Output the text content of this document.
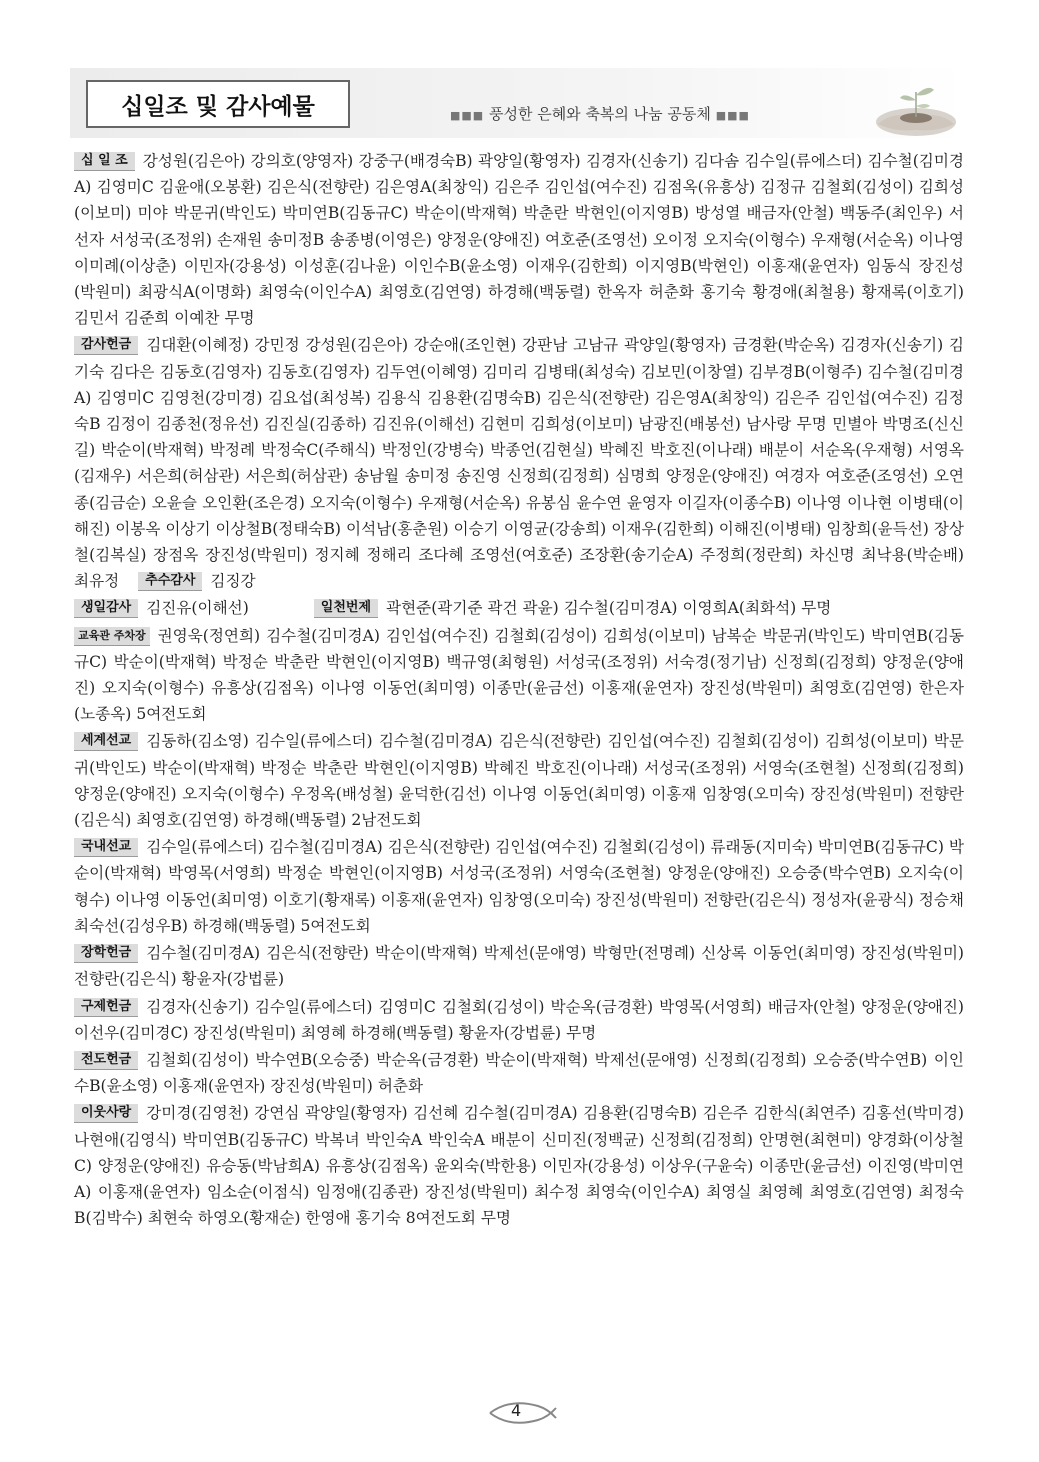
십일조 및 감사예물	■■■ 풍성한 은혜와 축복의 나눔 공동체 ■■■

십 일 조 강성원(김은아) 강의호(양영자) 강중구(배경숙B) 곽양일(황영자) 김경자(신송기) 김다솜 김수일(류에스더) 김수철(김미경A) 김영미C 김윤애(오봉환) 김은식(전향란) 김은영A(최창익) 김은주 김인섭(여수진) 김점옥(유흥상) 김정규 김철회(김성이) 김희성(이보미) 미야 박문귀(박인도) 박미연B(김동규C) 박순이(박재혁) 박춘란 박현인(이지영B) 방성열 배금자(안철) 백동주(최인우) 서선자 서성국(조정위) 손재원 송미정B 송종병(이영은) 양정운(양애진) 여호준(조영선) 오이정 오지숙(이형수) 우재형(서순옥) 이나영 이미례(이상춘) 이민자(강용성) 이성훈(김나윤) 이인수B(윤소영) 이재우(김한희) 이지영B(박현인) 이홍재(윤연자) 임동식 장진성(박원미) 최광식A(이명화) 최영숙(이인수A) 최영호(김연영) 하경해(백동렬) 한옥자 허춘화 홍기숙 황경애(최철용) 황재록(이호기) 김민서 김준희 이예찬 무명

감사헌금 김대환(이혜정) 강민정 강성원(김은아) 강순애(조인현) 강판남 고남규 곽양일(황영자) 금경환(박순옥) 김경자(신송기) 김기숙 김다은 김동호(김영자) 김동호(김영자) 김두연(이혜영) 김미리 김병태(최성숙) 김보민(이창열) 김부경B(이형주) 김수철(김미경A) 김영미C 김영천(강미경) 김요섭(최성복) 김용식 김용환(김명숙B) 김은식(전향란) 김은영A(최창익) 김은주 김인섭(여수진) 김정숙B 김정이 김종천(정유선) 김진실(김종하) 김진유(이해선) 김현미 김희성(이보미) 남광진(배봉선) 남사랑 무명 민별아 박명조(신신길) 박순이(박재혁) 박정례 박정숙C(주해식) 박정인(강병숙) 박종언(김현실) 박혜진 박호진(이나래) 배분이 서순옥(우재형) 서영옥(김재우) 서은희(허삼관) 서은희(허삼관) 송남월 송미정 송진영 신정희(김정희) 심명희 양정운(양애진) 여경자 여호준(조영선) 오연종(김금순) 오윤슬 오인환(조은경) 오지숙(이형수) 우재형(서순옥) 유봉심 윤수연 윤영자 이길자(이종수B) 이나영 이나현 이병태(이해진) 이봉옥 이상기 이상철B(정태숙B) 이석남(홍춘원) 이승기 이영균(강송희) 이재우(김한희) 이해진(이병태) 임창희(윤득선) 장상철(김복실) 장점옥 장진성(박원미) 정지혜 정해리 조다혜 조영선(여호준) 조장환(송기순A) 주정희(정란희) 차신명 최낙용(박순배) 최유정 추수감사 김징강

생일감사 김진유(이해선)	일천번제 곽현준(곽기준 곽건 곽윤) 김수철(김미경A) 이영희A(최화석) 무명

교육관 주차장 권영욱(정연희) 김수철(김미경A) 김인섭(여수진) 김철회(김성이) 김희성(이보미) 남복순 박문귀(박인도) 박미연B(김동규C) 박순이(박재혁) 박정순 박춘란 박현인(이지영B) 백규영(최형원) 서성국(조정위) 서숙경(정기남) 신정희(김정희) 양정운(양애진) 오지숙(이형수) 유흥상(김점옥) 이나영 이동언(최미영) 이종만(윤금선) 이홍재(윤연자) 장진성(박원미) 최영호(김연영) 한은자(노종옥) 5여전도회

세계선교 김동하(김소영) 김수일(류에스더) 김수철(김미경A) 김은식(전향란) 김인섭(여수진) 김철회(김성이) 김희성(이보미) 박문귀(박인도) 박순이(박재혁) 박정순 박춘란 박현인(이지영B) 박혜진 박호진(이나래) 서성국(조정위) 서영숙(조현철) 신정희(김정희) 양정운(양애진) 오지숙(이형수) 우정옥(배성철) 윤덕한(김선) 이나영 이동언(최미영) 이홍재 임창영(오미숙) 장진성(박원미) 전향란(김은식) 최영호(김연영) 하경해(백동렬) 2남전도회

국내선교 김수일(류에스더) 김수철(김미경A) 김은식(전향란) 김인섭(여수진) 김철회(김성이) 류래동(지미숙) 박미연B(김동규C) 박순이(박재혁) 박영목(서영희) 박정순 박현인(이지영B) 서성국(조정위) 서영숙(조현철) 양정운(양애진) 오승중(박수연B) 오지숙(이형수) 이나영 이동언(최미영) 이호기(황재록) 이홍재(윤연자) 임창영(오미숙) 장진성(박원미) 전향란(김은식) 정성자(윤광식) 정승채 최숙선(김성우B) 하경해(백동렬) 5여전도회

장학헌금 김수철(김미경A) 김은식(전향란) 박순이(박재혁) 박제선(문애영) 박형만(전명례) 신상록 이동언(최미영) 장진성(박원미) 전향란(김은식) 황윤자(강법륜)

구제헌금 김경자(신송기) 김수일(류에스더) 김영미C 김철회(김성이) 박순옥(금경환) 박영목(서영희) 배금자(안철) 양정운(양애진) 이선우(김미경C) 장진성(박원미) 최영혜 하경해(백동렬) 황윤자(강법륜) 무명

전도헌금 김철회(김성이) 박수연B(오승중) 박순옥(금경환) 박순이(박재혁) 박제선(문애영) 신정희(김정희) 오승중(박수연B) 이인수B(윤소영) 이홍재(윤연자) 장진성(박원미) 허춘화

이웃사랑 강미경(김영천) 강연심 곽양일(황영자) 김선혜 김수철(김미경A) 김용환(김명숙B) 김은주 김한식(최연주) 김홍선(박미경) 나현애(김영식) 박미연B(김동규C) 박복녀 박인숙A 박인숙A 배분이 신미진(정백균) 신정희(김정희) 안명현(최현미) 양경화(이상철C) 양정운(양애진) 유승동(박남희A) 유흥상(김점옥) 윤외숙(박한용) 이민자(강용성) 이상우(구윤숙) 이종만(윤금선) 이진영(박미연A) 이홍재(윤연자) 임소순(이점식) 임정애(김종관) 장진성(박원미) 최수정 최영숙(이인수A) 최영실 최영혜 최영호(김연영) 최정숙B(김박수) 최현숙 하영오(황재순) 한영애 홍기숙 8여전도회 무명

4
